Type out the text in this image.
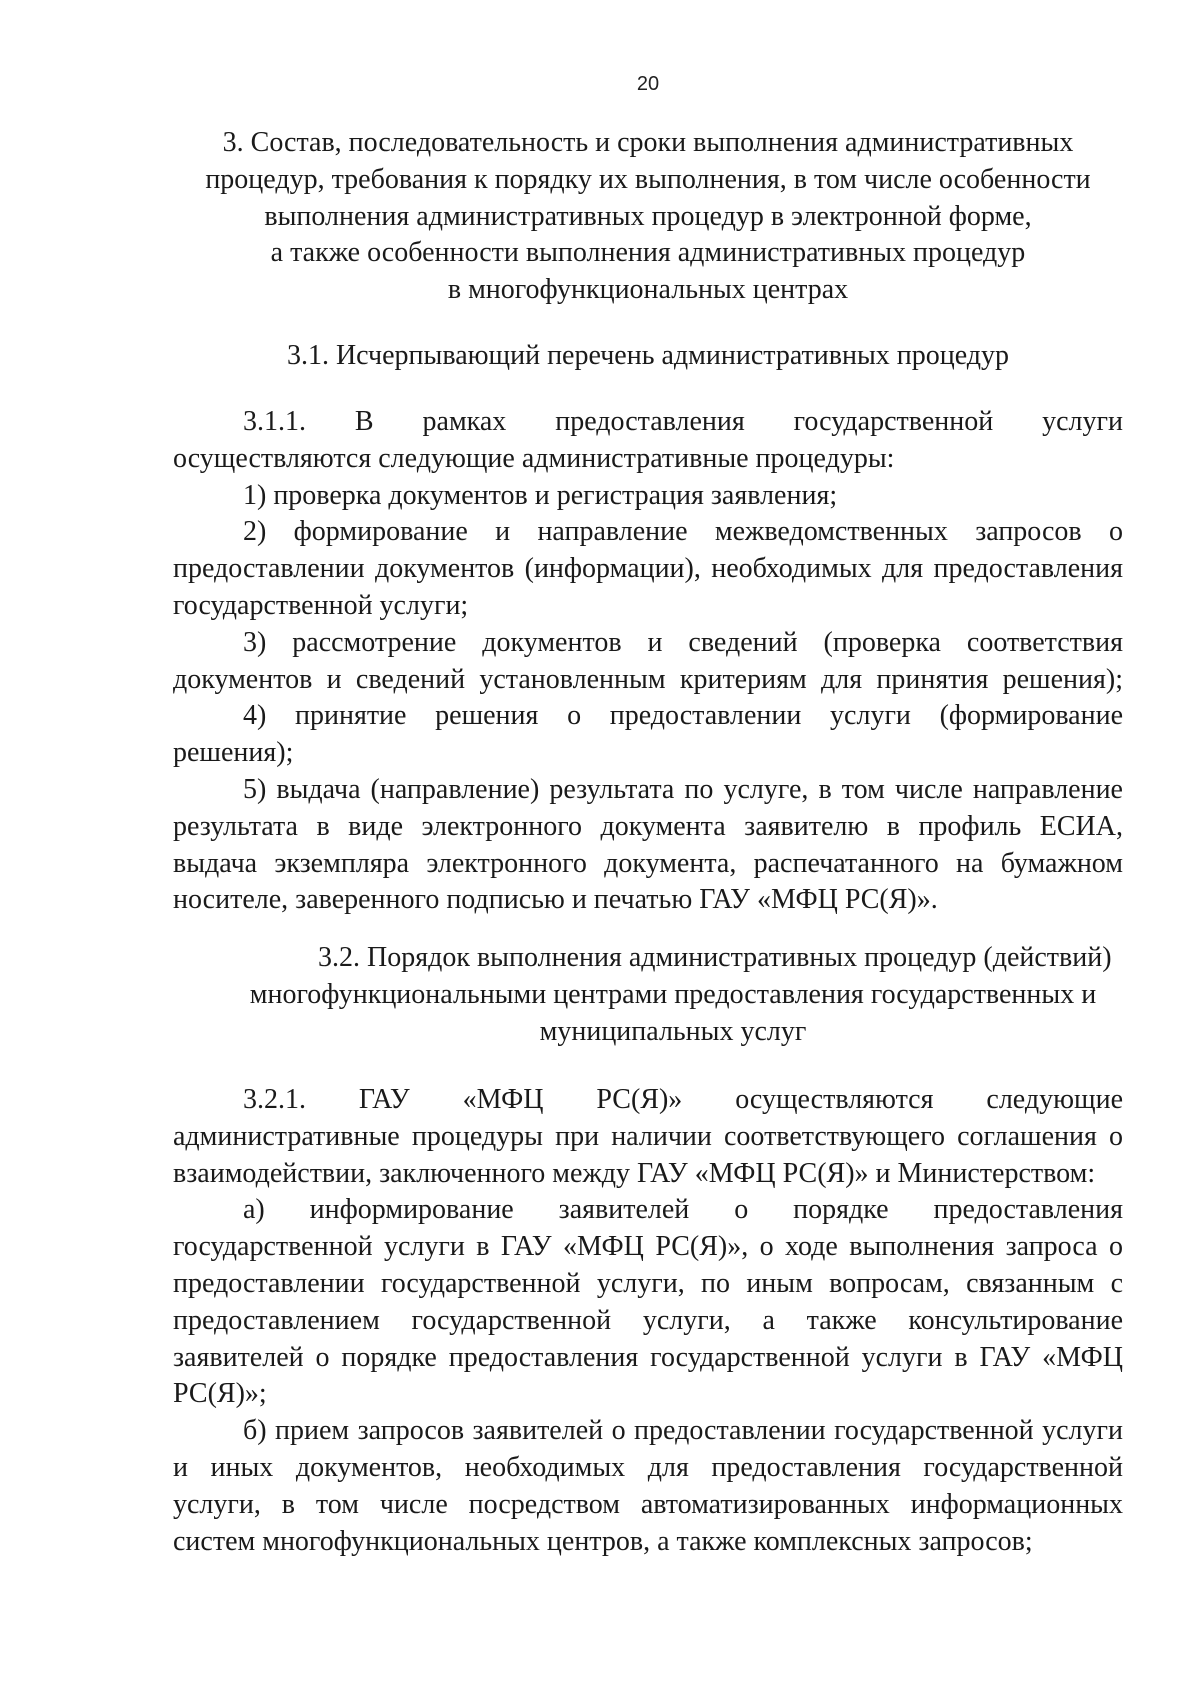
20
3. Состав, последовательность и сроки выполнения административных
процедур, требования к порядку их выполнения, в том числе особенности
выполнения административных процедур в электронной форме,
а также особенности выполнения административных процедур
в многофункциональных центрах
3.1. Исчерпывающий перечень административных процедур
3.1.1. В рамках предоставления государственной услуги
осуществляются следующие административные процедуры:
1) проверка документов и регистрация заявления;
2) формирование и направление межведомственных запросов о
предоставлении документов (информации), необходимых для предоставления
государственной услуги;
3) рассмотрение документов и сведений (проверка соответствия
документов и сведений установленным критериям для принятия решения);
4) принятие решения о предоставлении услуги (формирование
решения);
5) выдача (направление) результата по услуге, в том числе направление
результата в виде электронного документа заявителю в профиль ЕСИА,
выдача экземпляра электронного документа, распечатанного на бумажном
носителе, заверенного подписью и печатью ГАУ «МФЦ РС(Я)».
3.2. Порядок выполнения административных процедур (действий)
многофункциональными центрами предоставления государственных и
муниципальных услуг
3.2.1. ГАУ «МФЦ РС(Я)» осуществляются следующие
административные процедуры при наличии соответствующего соглашения о
взаимодействии, заключенного между ГАУ «МФЦ РС(Я)» и Министерством:
а) информирование заявителей о порядке предоставления
государственной услуги в ГАУ «МФЦ РС(Я)», о ходе выполнения запроса о
предоставлении государственной услуги, по иным вопросам, связанным с
предоставлением государственной услуги, а также консультирование
заявителей о порядке предоставления государственной услуги в ГАУ «МФЦ
РС(Я)»;
б) прием запросов заявителей о предоставлении государственной услуги
и иных документов, необходимых для предоставления государственной
услуги, в том числе посредством автоматизированных информационных
систем многофункциональных центров, а также комплексных запросов;
